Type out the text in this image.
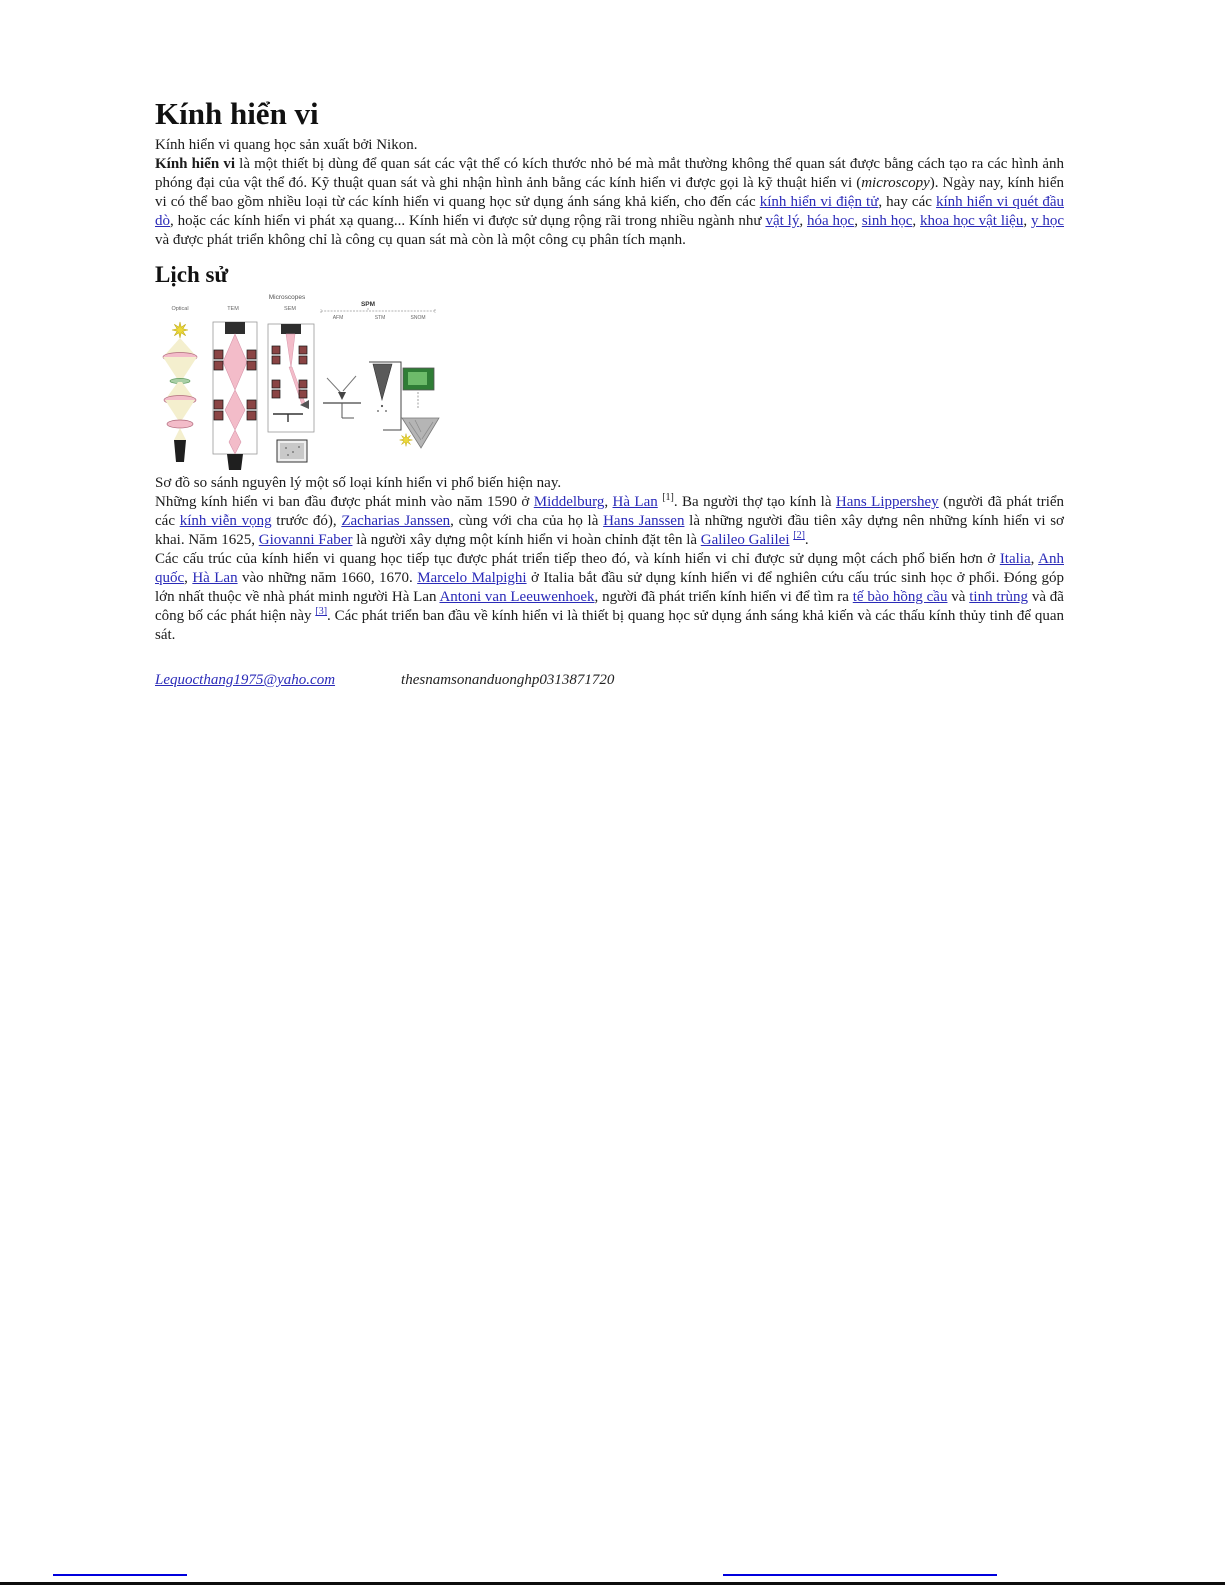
Kính hiển vi

Kính hiển vi quang học sản xuất bởi Nikon.

Kính hiển vi là một thiết bị dùng để quan sát các vật thể có kích thước nhỏ bé mà mắt thường không thể quan sát được bằng cách tạo ra các hình ảnh phóng đại của vật thể đó. Kỹ thuật quan sát và ghi nhận hình ảnh bằng các kính hiển vi được gọi là kỹ thuật hiển vi (microscopy). Ngày nay, kính hiển vi có thể bao gồm nhiều loại từ các kính hiển vi quang học sử dụng ánh sáng khả kiến, cho đến các kính hiển vi điện tử, hay các kính hiển vi quét đầu dò, hoặc các kính hiển vi phát xạ quang... Kính hiển vi được sử dụng rộng rãi trong nhiều ngành như vật lý, hóa học, sinh học, khoa học vật liệu, y học và được phát triển không chỉ là công cụ quan sát mà còn là một công cụ phân tích mạnh.

Lịch sử
Microscopes
Optical	TEM	SEM
SPM
AFM	STM	SNOM

Sơ đồ so sánh nguyên lý một số loại kính hiển vi phổ biến hiện nay.

Những kính hiển vi ban đầu được phát minh vào năm 1590 ở Middelburg, Hà Lan [1]. Ba người thợ tạo kính là Hans Lippershey (người đã phát triển các kính viễn vọng trước đó), Zacharias Janssen, cùng với cha của họ là Hans Janssen là những người đầu tiên xây dựng nên những kính hiển vi sơ khai. Năm 1625, Giovanni Faber là người xây dựng một kính hiển vi hoàn chỉnh đặt tên là Galileo Galilei [2].

Các cấu trúc của kính hiển vi quang học tiếp tục được phát triển tiếp theo đó, và kính hiển vi chỉ được sử dụng một cách phổ biến hơn ở Italia, Anh quốc, Hà Lan vào những năm 1660, 1670. Marcelo Malpighi ở Italia bắt đầu sử dụng kính hiển vi để nghiên cứu cấu trúc sinh học ở phổi. Đóng góp lớn nhất thuộc về nhà phát minh người Hà Lan Antoni van Leeuwenhoek, người đã phát triển kính hiển vi để tìm ra tế bào hồng cầu và tinh trùng và đã công bố các phát hiện này [3]. Các phát triển ban đầu về kính hiển vi là thiết bị quang học sử dụng ánh sáng khả kiến và các thấu kính thủy tinh để quan sát.

Lequocthang1975@yaho.com	thesnamsonanduonghp0313871720
